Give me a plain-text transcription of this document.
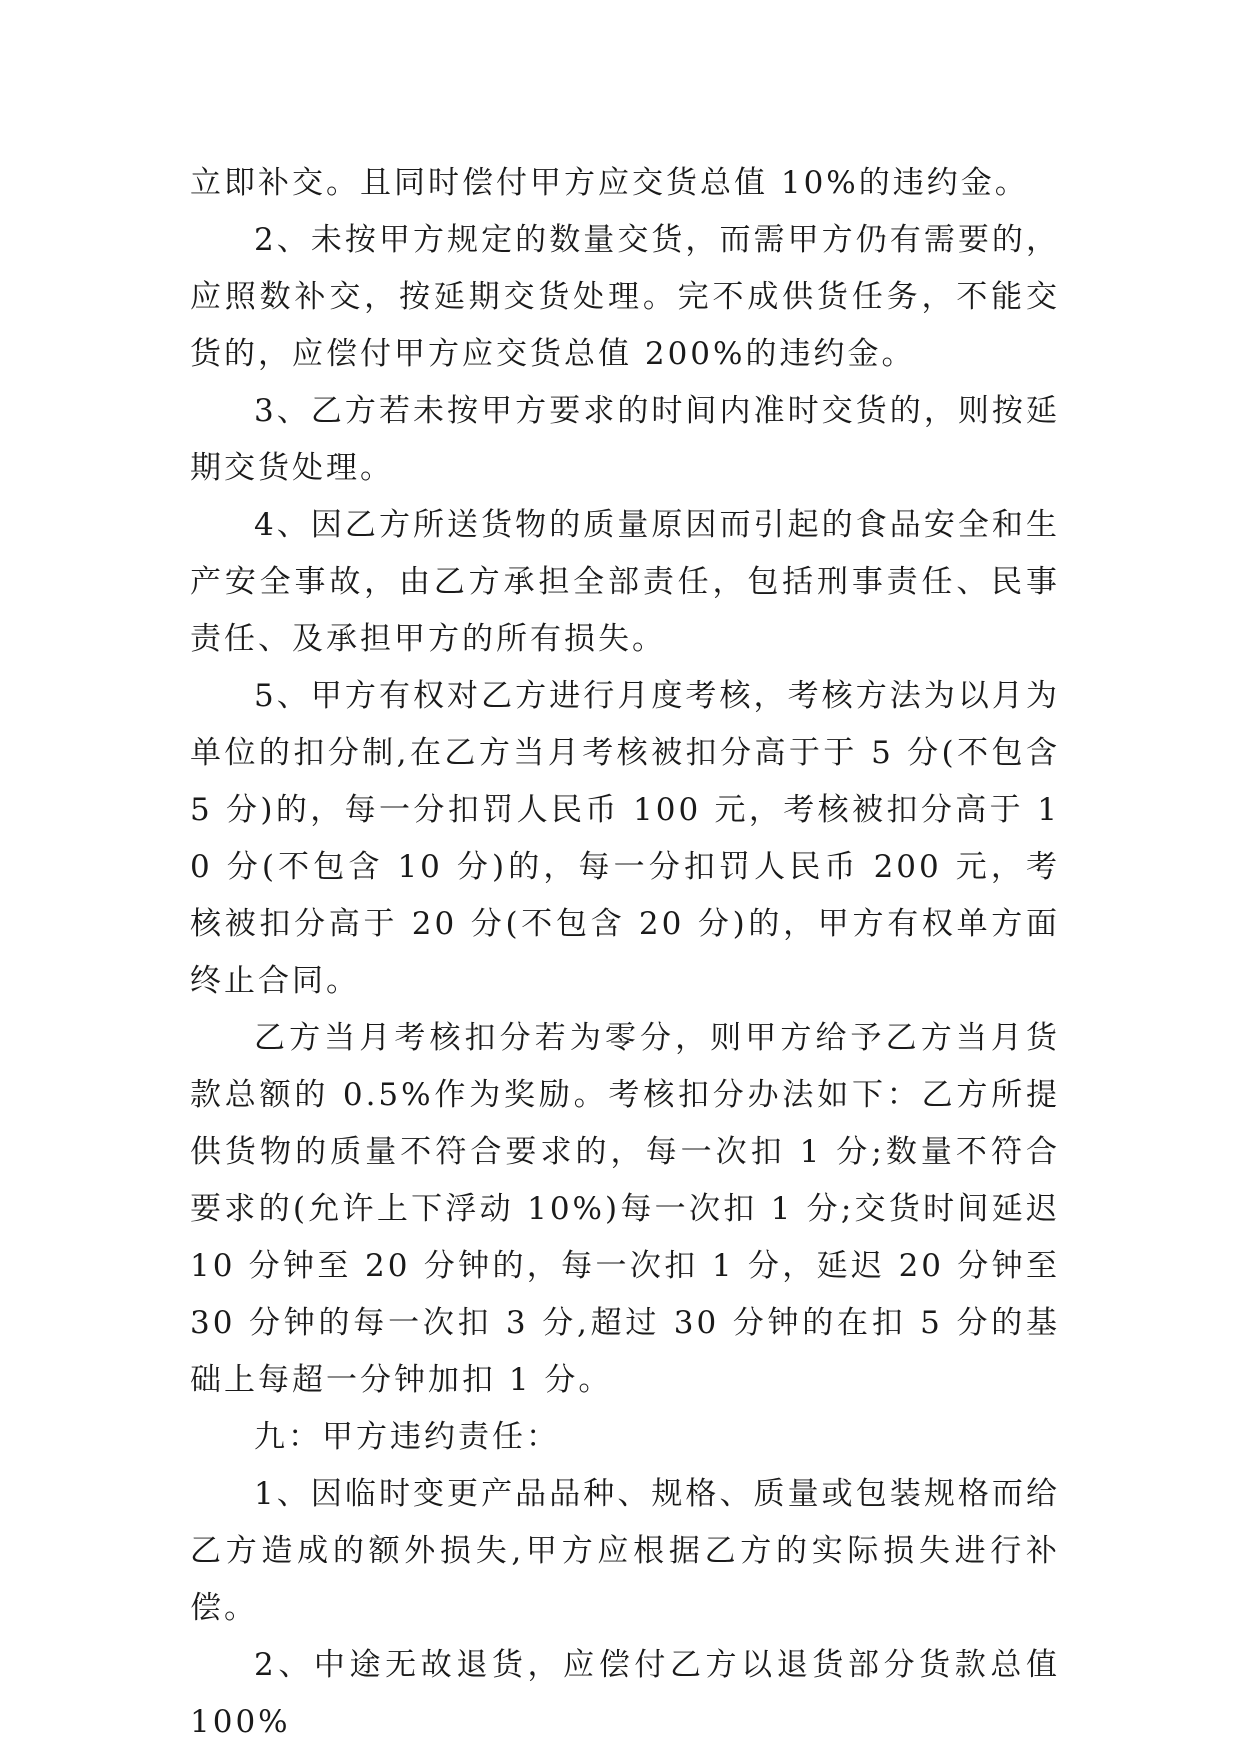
立即补交。且同时偿付甲方应交货总值 10%的违约金。

2、未按甲方规定的数量交货，而需甲方仍有需要的，应照数补交，按延期交货处理。完不成供货任务，不能交货的，应偿付甲方应交货总值 200%的违约金。

3、乙方若未按甲方要求的时间内准时交货的，则按延期交货处理。

4、因乙方所送货物的质量原因而引起的食品安全和生产安全事故，由乙方承担全部责任，包括刑事责任、民事责任、及承担甲方的所有损失。

5、甲方有权对乙方进行月度考核，考核方法为以月为单位的扣分制,在乙方当月考核被扣分高于于 5 分(不包含 5 分)的，每一分扣罚人民币 100 元，考核被扣分高于 10 分(不包含 10 分)的，每一分扣罚人民币 200 元，考核被扣分高于 20 分(不包含 20 分)的，甲方有权单方面终止合同。

乙方当月考核扣分若为零分，则甲方给予乙方当月货款总额的 0.5%作为奖励。考核扣分办法如下：乙方所提供货物的质量不符合要求的，每一次扣 1 分;数量不符合要求的(允许上下浮动 10%)每一次扣 1 分;交货时间延迟 10 分钟至 20 分钟的，每一次扣 1 分，延迟 20 分钟至 30 分钟的每一次扣 3 分,超过 30 分钟的在扣 5 分的基础上每超一分钟加扣 1 分。

九：甲方违约责任：

1、因临时变更产品品种、规格、质量或包装规格而给乙方造成的额外损失,甲方应根据乙方的实际损失进行补偿。

2、中途无故退货，应偿付乙方以退货部分货款总值 100%
